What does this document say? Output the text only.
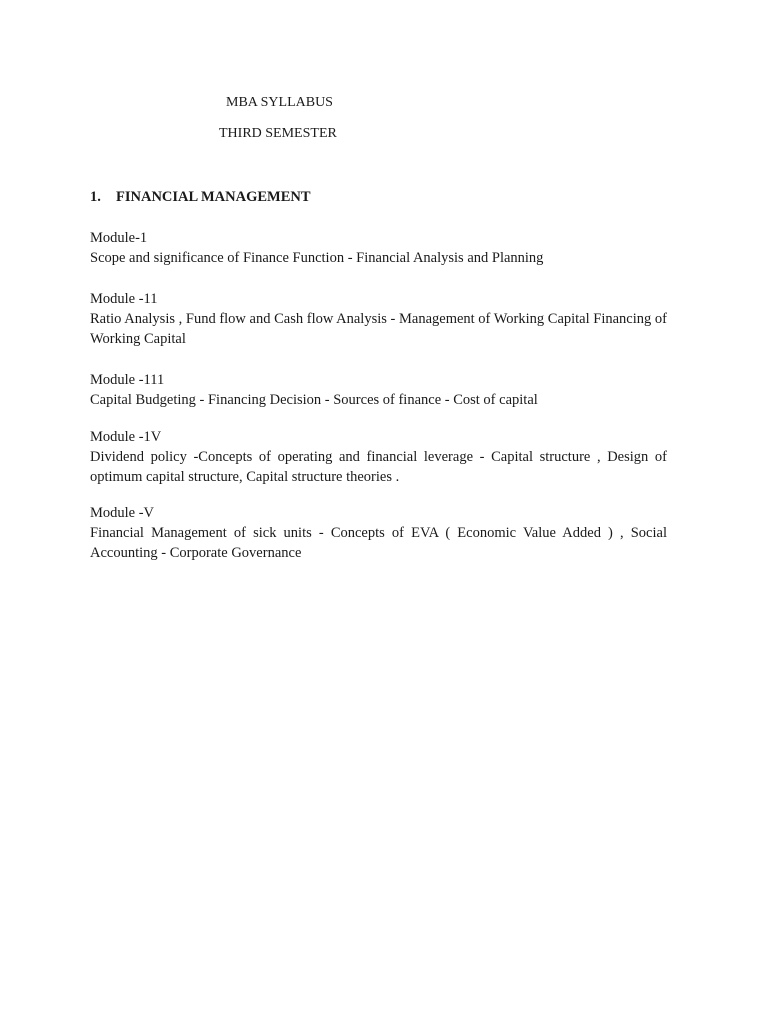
MBA SYLLABUS
THIRD SEMESTER
1. FINANCIAL MANAGEMENT
Module-1
Scope and significance of Finance Function - Financial Analysis and Planning
Module -11
Ratio Analysis , Fund flow and Cash flow Analysis - Management of Working Capital Financing of Working Capital
Module -111
Capital Budgeting - Financing Decision - Sources of finance - Cost of capital
Module -1V
Dividend policy -Concepts of operating and financial leverage - Capital structure , Design of optimum capital structure, Capital structure theories .
Module -V
Financial Management of sick units - Concepts of EVA ( Economic Value Added ) , Social Accounting - Corporate Governance
